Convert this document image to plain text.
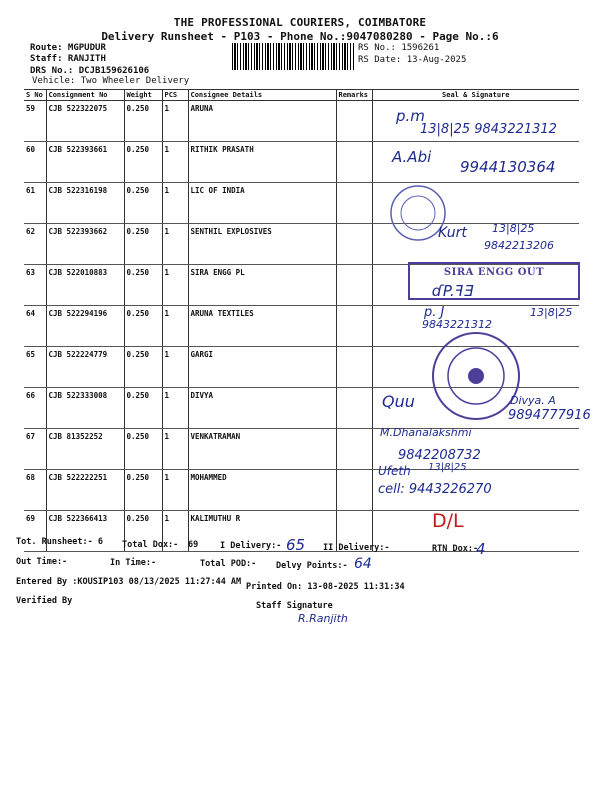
THE PROFESSIONAL COURIERS, COIMBATORE
Delivery Runsheet - P103 - Phone No.:9047080280 - Page No.:6
Route: MGPUDUR
Staff: RANJITH
DRS No.: DCJB159626106
Vehicle: Two Wheeler Delivery
RS No.: 1596261
RS Date: 13-Aug-2025
S No	Consignment No	Weight	PCS	Consignee Details	Remarks	Seal & Signature
59	CJB 522322075	0.250	1	ARUNA		
60	CJB 522393661	0.250	1	RITHIK PRASATH		
61	CJB 522316198	0.250	1	LIC OF INDIA		
62	CJB 522393662	0.250	1	SENTHIL EXPLOSIVES		
63	CJB 522010883	0.250	1	SIRA ENGG PL		
64	CJB 522294196	0.250	1	ARUNA TEXTILES		
65	CJB 522224779	0.250	1	GARGI		
66	CJB 522333008	0.250	1	DIVYA		
67	CJB 81352252	0.250	1	VENKATRAMAN		
68	CJB 522222251	0.250	1	MOHAMMED		
69	CJB 522366413	0.250	1	KALIMUTHU R		
p.m
13|8|25 9843221312
A.Abi
9944130364
Kurt 13|8|25
9842213206
SIRA ENGG OUT
ɗP.ꟻƎ
p. J
9843221312
13|8|25
Quu	Divya. A
9894777916
M.Dhanalakshmi
9842208732
Ufeth 13|8|25
cell: 9443226270
D/L
Tot. Runsheet:- 6 Total Dox:- 69	I Delivery:- 65 II Delivery:-	RTN Dox:-
4
Out Time:-	In Time:-	Total POD:- Delvy Points:- 64
Entered By :KOUSIP103 08/13/2025 11:27:44 AM Printed On: 13-08-2025 11:31:34
Verified By	Staff Signature
R.Ranjith
